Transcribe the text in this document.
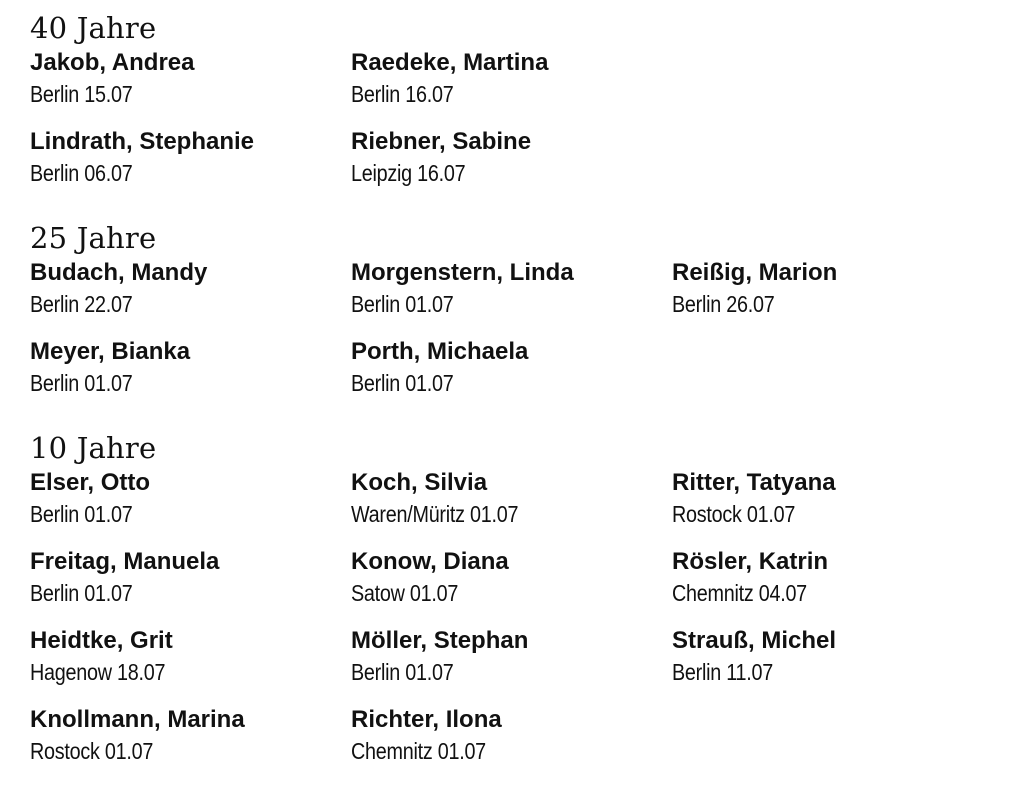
40 Jahre
Jakob, Andrea
Berlin 15.07
Lindrath, Stephanie
Berlin 06.07
Raedeke, Martina
Berlin 16.07
Riebner, Sabine
Leipzig 16.07
25 Jahre
Budach, Mandy
Berlin 22.07
Meyer, Bianka
Berlin 01.07
Morgenstern, Linda
Berlin 01.07
Porth, Michaela
Berlin 01.07
Reißig, Marion
Berlin 26.07
10 Jahre
Elser, Otto
Berlin 01.07
Freitag, Manuela
Berlin 01.07
Heidtke, Grit
Hagenow 18.07
Knollmann, Marina
Rostock 01.07
Koch, Silvia
Waren/Müritz 01.07
Konow, Diana
Satow 01.07
Möller, Stephan
Berlin 01.07
Richter, Ilona
Chemnitz 01.07
Ritter, Tatyana
Rostock 01.07
Rösler, Katrin
Chemnitz 04.07
Strauß, Michel
Berlin 11.07
